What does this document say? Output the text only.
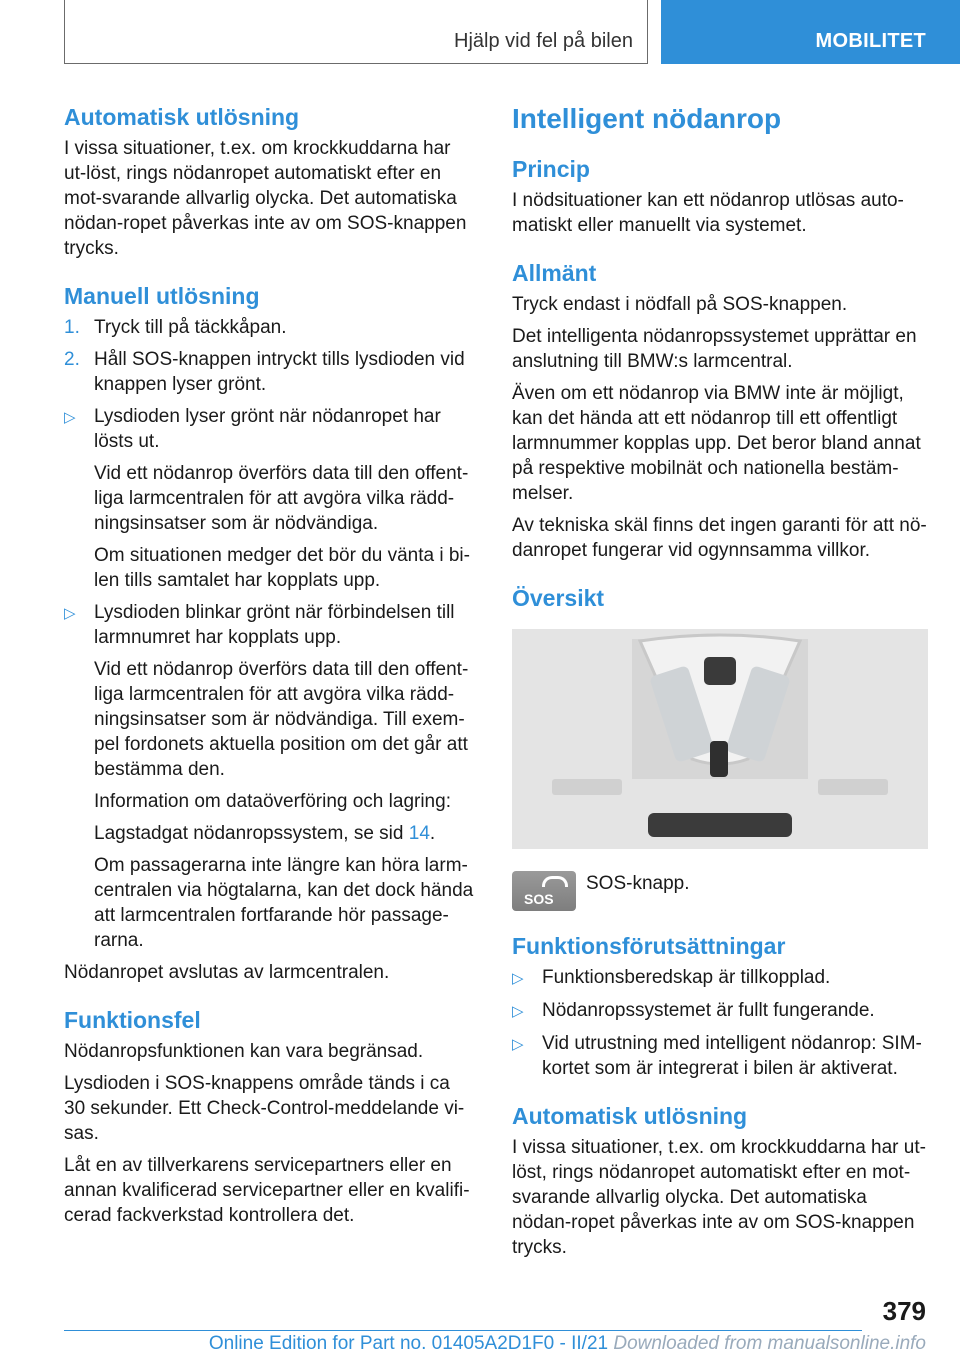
Hjälp vid fel på bilen	MOBILITET
Automatisk utlösning

I vissa situationer, t.ex. om krockkuddarna har ut-löst, rings nödanropet automatiskt efter en mot-svarande allvarlig olycka. Det automatiska nödan-ropet påverkas inte av om SOS-knappen trycks.

Manuell utlösning
1. Tryck till på täckkåpan.
2. Håll SOS-knappen intryckt tills lysdioden vid knappen lyser grönt.
▷ Lysdioden lyser grönt när nödanropet har lösts ut.

Vid ett nödanrop överförs data till den offent-liga larmcentralen för att avgöra vilka rädd-ningsinsatser som är nödvändiga.

Om situationen medger det bör du vänta i bi-len tills samtalet har kopplats upp.

▷ Lysdioden blinkar grönt när förbindelsen till larmnumret har kopplats upp.

Vid ett nödanrop överförs data till den offent-liga larmcentralen för att avgöra vilka rädd-ningsinsatser som är nödvändiga. Till exem-pel fordonets aktuella position om det går att bestämma den.

Information om dataöverföring och lagring:

Lagstadgat nödanropssystem, se sid 14.

Om passagerarna inte längre kan höra larm-centralen via högtalarna, kan det dock hända att larmcentralen fortfarande hör passage-rarna.

Nödanropet avslutas av larmcentralen.

Funktionsfel

Nödanropsfunktionen kan vara begränsad.

Lysdioden i SOS-knappens område tänds i ca 30 sekunder. Ett Check-Control-meddelande vi-sas.

Låt en av tillverkarens servicepartners eller en annan kvalificerad servicepartner eller en kvalifi-cerad fackverkstad kontrollera det.

Intelligent nödanrop
Princip

I nödsituationer kan ett nödanrop utlösas auto-matiskt eller manuellt via systemet.

Allmänt

Tryck endast i nödfall på SOS-knappen.

Det intelligenta nödanropssystemet upprättar en anslutning till BMW:s larmcentral.

Även om ett nödanrop via BMW inte är möjligt, kan det hända att ett nödanrop till ett offentligt larmnummer kopplas upp. Det beror bland annat på respektive mobilnät och nationella bestäm-melser.

Av tekniska skäl finns det ingen garanti för att nö-danropet fungerar vid ogynnsamma villkor.

Översikt
SOS

SOS-knapp.

Funktionsförutsättningar
▷ Funktionsberedskap är tillkopplad.
▷ Nödanropssystemet är fullt fungerande.
▷ Vid utrustning med intelligent nödanrop: SIM-kortet som är integrerat i bilen är aktiverat.
Automatisk utlösning

I vissa situationer, t.ex. om krockkuddarna har ut-löst, rings nödanropet automatiskt efter en mot-svarande allvarlig olycka. Det automatiska nödan-ropet påverkas inte av om SOS-knappen trycks.

379
Online Edition for Part no. 01405A2D1F0 - II/21 Downloaded from manualsonline.info
